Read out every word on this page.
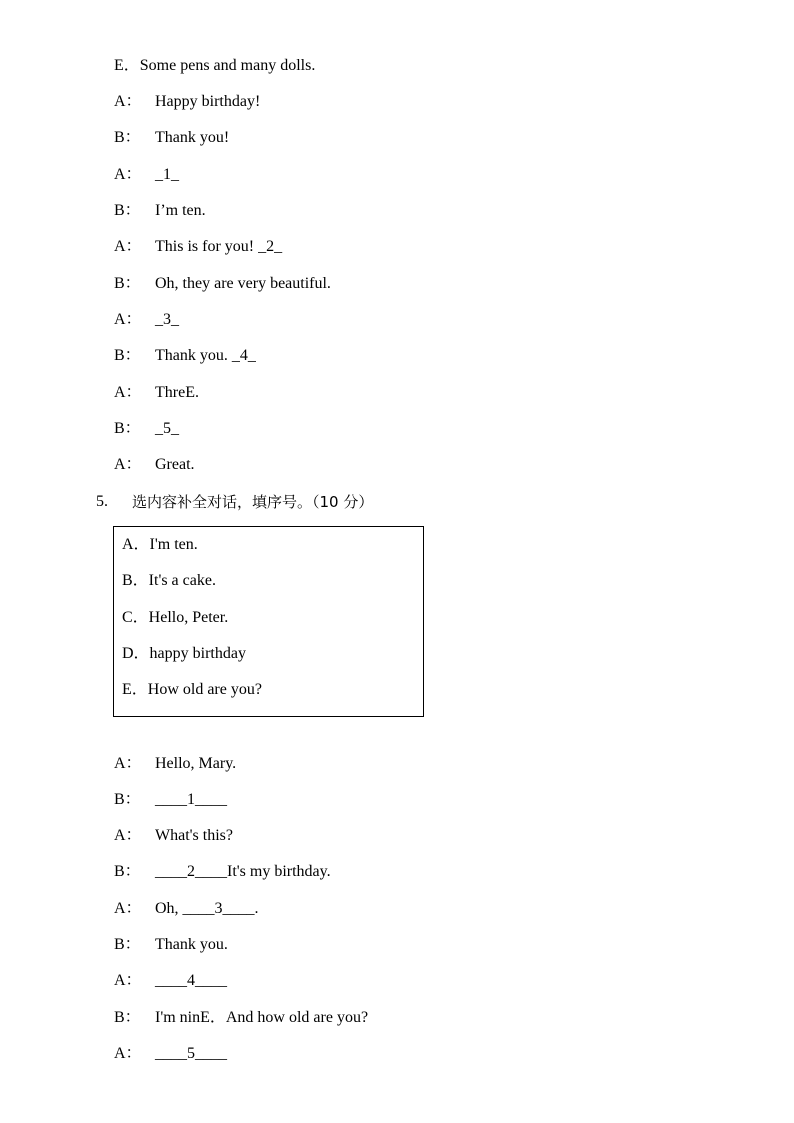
E．Some pens and many dolls.
A： Happy birthday!
B： Thank you!
A： _1_
B： I’m ten.
A： This is for you! _2_
B： Oh, they are very beautiful.
A： _3_
B： Thank you. _4_
A： ThreE.
B： _5_
A： Great.
5. 选内容补全对话，填序号。（10 分）
A．I'm ten.
B．It's a cake.
C．Hello, Peter.
D．happy birthday
E．How old are you?
A： Hello, Mary.
B： ____1____
A： What's this?
B： ____2____It's my birthday.
A： Oh, ____3____.
B： Thank you.
A： ____4____
B： I'm ninE．And how old are you?
A： ____5____
